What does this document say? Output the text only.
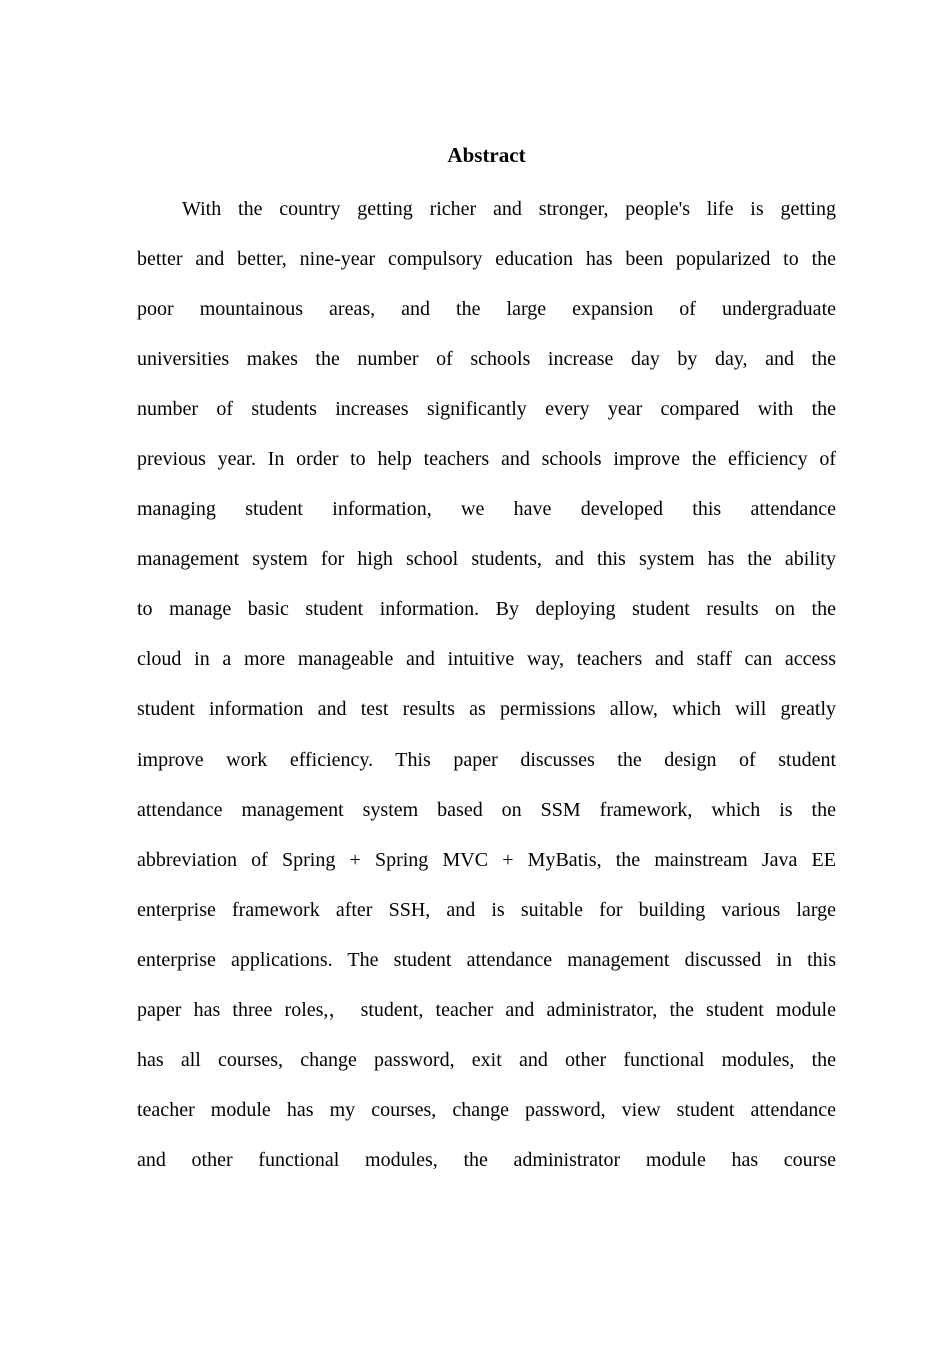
Abstract
With the country getting richer and stronger, people's life is getting
better and better, nine-year compulsory education has been popularized to the
poor mountainous areas, and the large expansion of undergraduate
universities makes the number of schools increase day by day, and the
number of students increases significantly every year compared with the
previous year. In order to help teachers and schools improve the efficiency of
managing student information, we have developed this attendance
management system for high school students, and this system has the ability
to manage basic student information. By deploying student results on the
cloud in a more manageable and intuitive way, teachers and staff can access
student information and test results as permissions allow, which will greatly
improve work efficiency. This paper discusses the design of student
attendance management system based on SSM framework, which is the
abbreviation of Spring + Spring MVC + MyBatis, the mainstream Java EE
enterprise framework after SSH, and is suitable for building various large
enterprise applications. The student attendance management discussed in this
paper has three roles,， student, teacher and administrator, the student module
has all courses, change password, exit and other functional modules, the
teacher module has my courses, change password, view student attendance
and other functional modules, the administrator module has course
